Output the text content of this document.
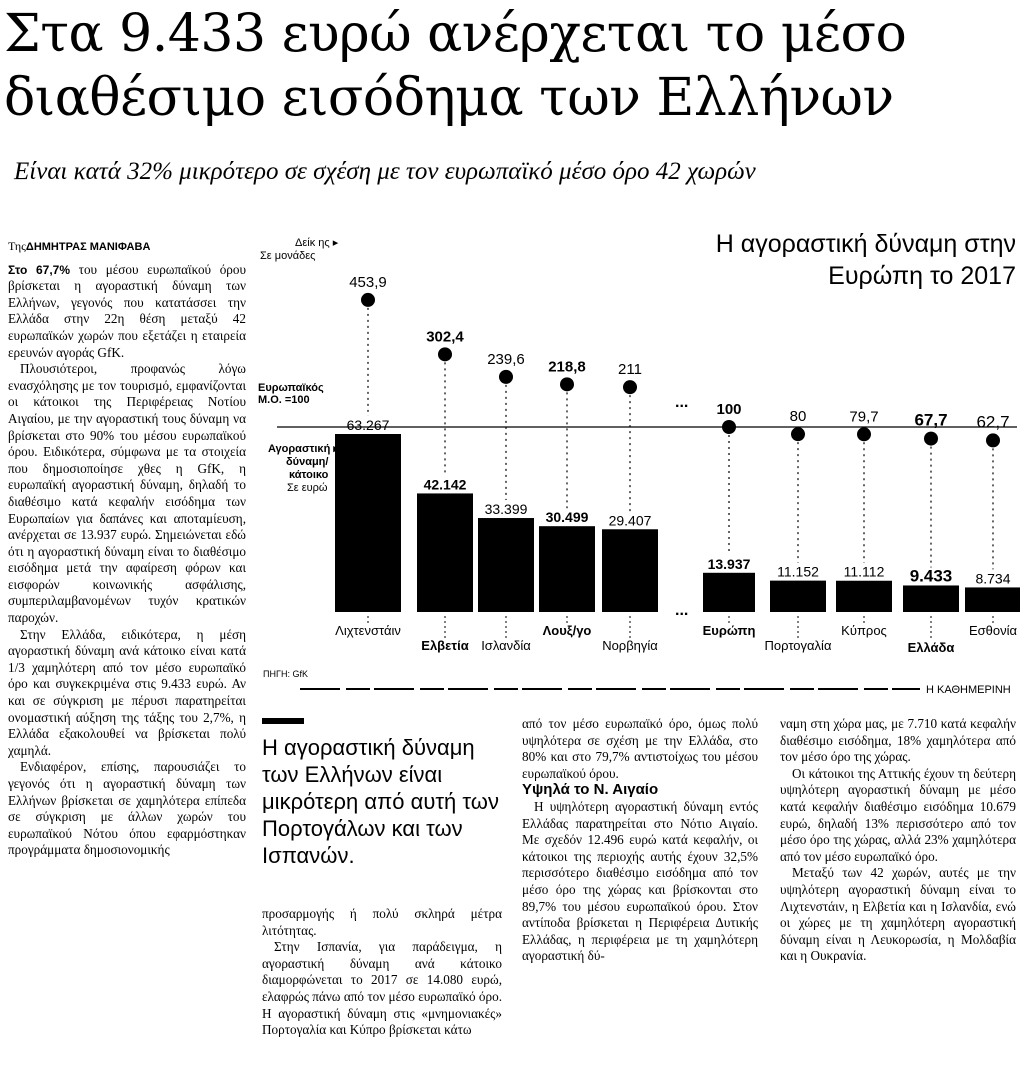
Στα 9.433 ευρώ ανέρχεται το μέσο διαθέσιμο εισόδημα των Ελλήνων

Είναι κατά 32% μικρότερο σε σχέση με τον ευρωπαϊκό μέσο όρο 42 χωρών

ΤηςΔΗΜΗΤΡΑΣ ΜΑΝΙΦΑΒΑ

Στο 67,7% του μέσου ευρωπαϊκού όρου βρίσκεται η αγοραστική δύναμη των Ελλήνων, γεγονός που κατατάσσει την Ελλάδα στην 22η θέση μεταξύ 42 ευρωπαϊκών χωρών που εξετάζει η εταιρεία ερευνών αγοράς GfK.

Πλουσιότεροι, προφανώς λόγω ενασχόλησης με τον τουρισμό, εμφανίζονται οι κάτοικοι της Περιφέρειας Νοτίου Αιγαίου, με την αγοραστική τους δύναμη να βρίσκεται στο 90% του μέσου ευρωπαϊκού όρου. Ειδικότερα, σύμφωνα με τα στοιχεία που δημοσιοποίησε χθες η GfK, η ευρωπαϊκή αγοραστική δύναμη, δηλαδή το διαθέσιμο κατά κεφαλήν εισόδημα των Ευρωπαίων για δαπάνες και αποταμίευση, ανέρχεται σε 13.937 ευρώ. Σημειώνεται εδώ ότι η αγοραστική δύναμη είναι το διαθέσιμο εισόδημα μετά την αφαίρεση φόρων και εισφορών κοινωνικής ασφάλισης, συμπεριλαμβανομένων τυχόν κρατικών παροχών.

Στην Ελλάδα, ειδικότερα, η μέση αγοραστική δύναμη ανά κάτοικο είναι κατά 1/3 χαμηλότερη από τον μέσο ευρωπαϊκό όρο και συγκεκριμένα στις 9.433 ευρώ. Αν και σε σύγκριση με πέρυσι παρατηρείται ονομαστική αύξηση της τάξης του 2,7%, η Ελλάδα εξακολουθεί να βρίσκεται πολύ χαμηλά.

Ενδιαφέρον, επίσης, παρουσιάζει το γεγονός ότι η αγοραστική δύναμη των Ελλήνων βρίσκεται σε χαμηλότερα επίπεδα σε σύγκριση με άλλων χωρών του ευρωπαϊκού Νότου όπου εφαρμόστηκαν προγράμματα δημοσιονομικής

Η αγοραστική δύναμη των Ελλήνων είναι μικρότερη από αυτή των Πορτογάλων και των Ισπανών.

προσαρμογής ή πολύ σκληρά μέτρα λιτότητας.

Στην Ισπανία, για παράδειγμα, η αγοραστική δύναμη ανά κάτοικο διαμορφώνεται το 2017 σε 14.080 ευρώ, ελαφρώς πάνω από τον μέσο ευρωπαϊκό όρο. Η αγοραστική δύναμη στις «μνημονιακές» Πορτογαλία και Κύπρο βρίσκεται κάτω

από τον μέσο ευρωπαϊκό όρο, όμως πολύ υψηλότερα σε σχέση με την Ελλάδα, στο 80% και στο 79,7% αντιστοίχως του μέσου ευρωπαϊκού όρου.

Υψηλά το Ν. Αιγαίο

Η υψηλότερη αγοραστική δύναμη εντός Ελλάδας παρατηρείται στο Νότιο Αιγαίο. Με σχεδόν 12.496 ευρώ κατά κεφαλήν, οι κάτοικοι της περιοχής αυτής έχουν 32,5% περισσότερο διαθέσιμο εισόδημα από τον μέσο όρο της χώρας και βρίσκονται στο 89,7% του μέσου ευρωπαϊκού όρου. Στον αντίποδα βρίσκεται η Περιφέρεια Δυτικής Ελλάδας, η περιφέρεια με τη χαμηλότερη αγοραστική δύ-

ναμη στη χώρα μας, με 7.710 κατά κεφαλήν διαθέσιμο εισόδημα, 18% χαμηλότερα από τον μέσο όρο της χώρας.

Οι κάτοικοι της Αττικής έχουν τη δεύτερη υψηλότερη αγοραστική δύναμη με μέσο κατά κεφαλήν διαθέσιμο εισόδημα 10.679 ευρώ, δηλαδή 13% περισσότερο από τον μέσο όρο της χώρας, αλλά 23% χαμηλότερα από τον μέσο ευρωπαϊκό όρο.

Μεταξύ των 42 χωρών, αυτές με την υψηλότερη αγοραστική δύναμη είναι το Λιχτενστάιν, η Ελβετία και η Ισλανδία, ενώ οι χώρες με τη χαμηλότερη αγοραστική δύναμη είναι η Λευκορωσία, η Μολδαβία και η Ουκρανία.

Η αγοραστική δύναμη στην Ευρώπη το 2017
453,9
63.267
Λιχτενστάιν
302,4
42.142
Ελβετία
239,6
33.399
Ισλανδία
218,8
30.499
Λουξ/γο
211
29.407
Νορβηγία
100
13.937
Ευρώπη
80
11.152
Πορτογαλία
79,7
11.112
Κύπρος
67,7
9.433
Ελλάδα
62,7
8.734
Εσθονία
Δείκ ης ▸
Σε μονάδες
Ευρωπαϊκός
Μ.Ο. =100
Αγοραστική ▸
δύναμη/
κάτοικο
Σε ευρώ
...
...
ΠΗΓΗ: GfK
Η ΚΑΘΗΜΕΡΙΝΗ
